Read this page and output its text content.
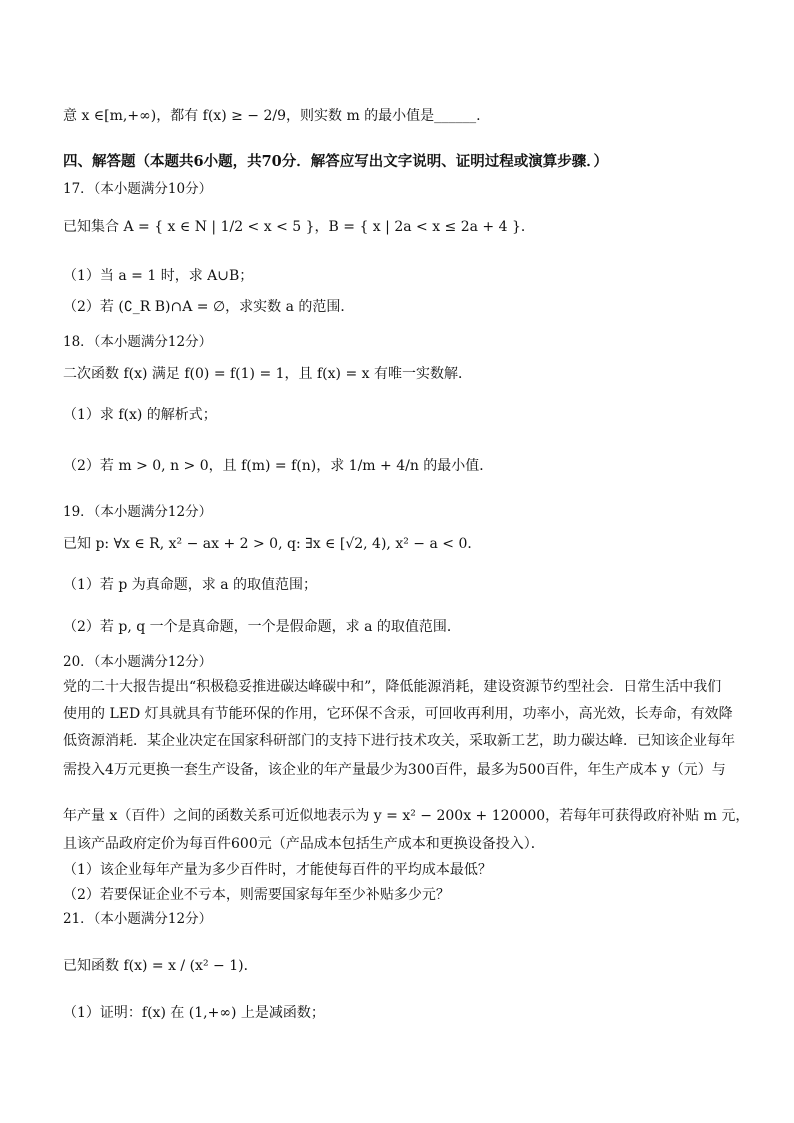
意 x ∈[m,+∞)，都有 f(x) ≥ − 2/9，则实数 m 的最小值是______.
四、解答题（本题共6小题，共70分．解答应写出文字说明、证明过程或演算步骤．）
17．（本小题满分10分）
已知集合 A = { x ∈ N | 1/2 < x < 5 }，B = { x | 2a < x ≤ 2a + 4 }．
（1）当 a = 1 时，求 A∪B；
（2）若 (∁_R B)∩A = ∅，求实数 a 的范围．
18．（本小题满分12分）
二次函数 f(x) 满足 f(0) = f(1) = 1，且 f(x) = x 有唯一实数解．
（1）求 f(x) 的解析式；
（2）若 m > 0, n > 0，且 f(m) = f(n)，求 1/m + 4/n 的最小值．
19．（本小题满分12分）
已知 p: ∀x ∈ R, x² − ax + 2 > 0, q: ∃x ∈ [√2, 4), x² − a < 0．
（1）若 p 为真命题，求 a 的取值范围；
（2）若 p, q 一个是真命题，一个是假命题，求 a 的取值范围．
20．（本小题满分12分）
党的二十大报告提出“积极稳妥推进碳达峰碳中和”，降低能源消耗，建设资源节约型社会．日常生活中我们
使用的 LED 灯具就具有节能环保的作用，它环保不含汞，可回收再利用，功率小，高光效，长寿命，有效降
低资源消耗．某企业决定在国家科研部门的支持下进行技术攻关，采取新工艺，助力碳达峰．已知该企业每年
需投入4万元更换一套生产设备，该企业的年产量最少为300百件，最多为500百件，年生产成本 y（元）与
年产量 x（百件）之间的函数关系可近似地表示为 y = x² − 200x + 120000，若每年可获得政府补贴 m 元，
且该产品政府定价为每百件600元（产品成本包括生产成本和更换设备投入）．
（1）该企业每年产量为多少百件时，才能使每百件的平均成本最低？
（2）若要保证企业不亏本，则需要国家每年至少补贴多少元？
21．（本小题满分12分）
已知函数 f(x) = x / (x² − 1)．
（1）证明：f(x) 在 (1,+∞) 上是减函数；
